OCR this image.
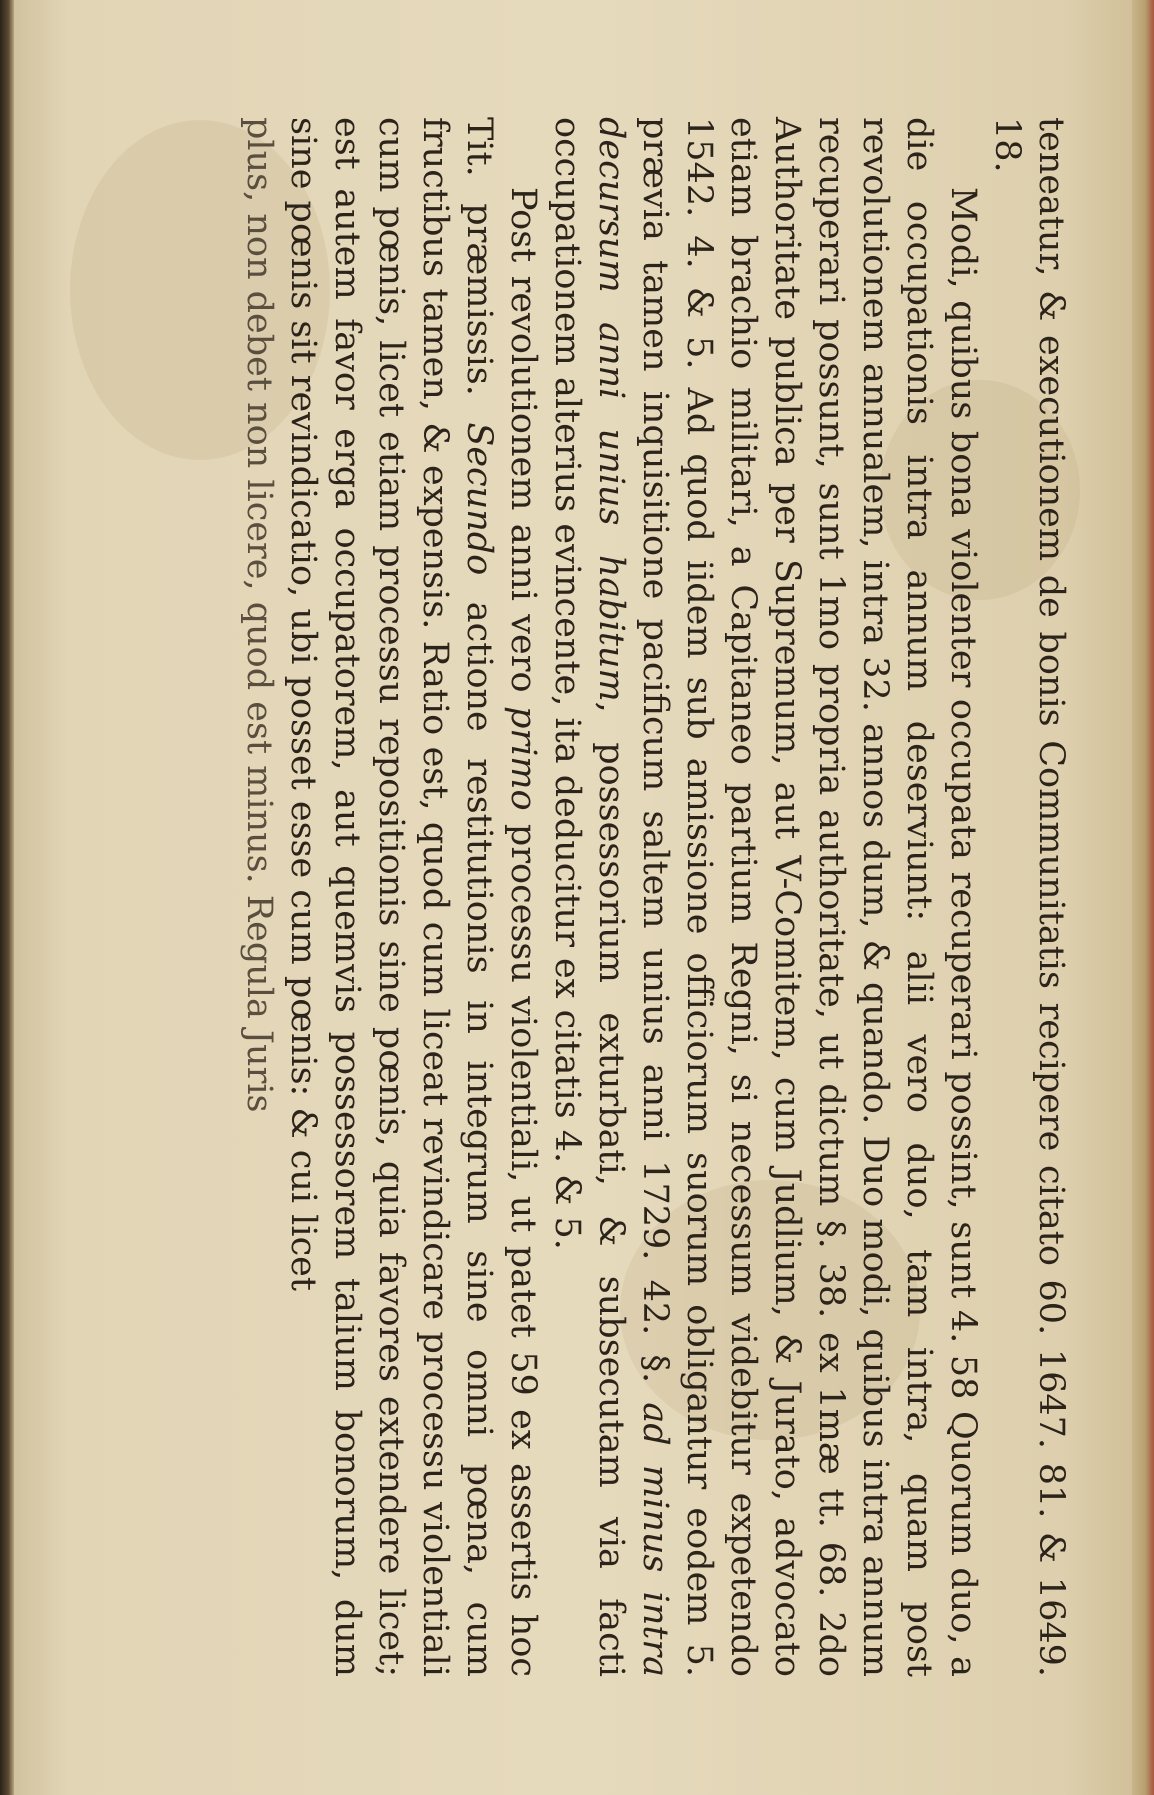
teneatur, & executionem de bonis Communitatis recipere citato 60. 1647. 81. & 1649. 18.

Modi, quibus bona violenter occupata recuperari possint, sunt 4. 58 Quorum duo, a die occupationis intra annum deserviunt: alii vero duo, tam intra, quam post revolutionem annualem, intra 32. annos dum, & quando. Duo modi, quibus intra annum recuperari possunt, sunt 1mo propria authoritate, ut dictum §. 38. ex 1mæ tt. 68. 2do Authoritate publica per Supremum, aut V-Comitem, cum Judlium, & Jurato, advocato etiam brachio militari, a Capitaneo partium Regni, si necessum videbitur expetendo 1542. 4. & 5. Ad quod iidem sub amissione officiorum suorum obligantur eodem 5. prævia tamen inquisitione pacificum saltem unius anni 1729. 42. §. ad minus intra decursum anni unius habitum, possessorium exturbati, & subsecutam via facti occupationem alterius evincente, ita deducitur ex citatis 4. & 5.

Post revolutionem anni vero primo processu violentiali, ut patet 59 ex assertis hoc Tit. præmissis. Secundo actione restitutionis in integrum sine omni pœna, cum fructibus tamen, & expensis. Ratio est, quod cum liceat revindicare processu violentiali cum pœnis, licet etiam processu repositionis sine pœnis, quia favores extendere licet; est autem favor erga occupatorem, aut quemvis possessorem talium bonorum, dum sine pœnis sit revindicatio, ubi posset esse cum pœnis: & cui licet

plus, non debet non licere, quod est minus. Regula Juris
